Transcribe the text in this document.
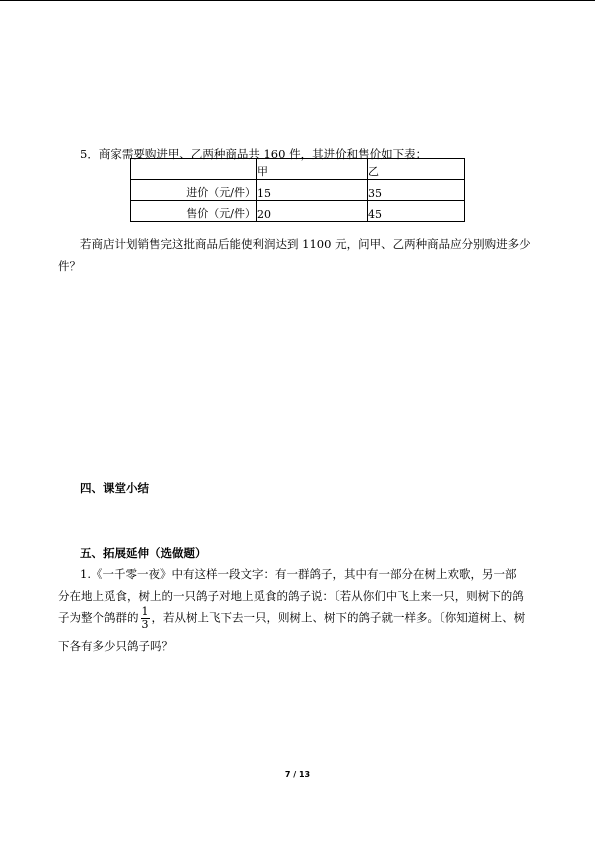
5．商家需要购进甲、乙两种商品共 160 件，其进价和售价如下表：
	甲	乙
进价（元/件）	15	35
售价（元/件）	20	45
若商店计划销售完这批商品后能使利润达到 1100 元，问甲、乙两种商品应分别购进多少
件？
四、课堂小结
五、拓展延伸（选做题）
1.《一千零一夜》中有这样一段文字：有一群鸽子，其中有一部分在树上欢歌，另一部
分在地上觅食，树上的一只鸽子对地上觅食的鸽子说：〔若从你们中飞上来一只，则树下的鸽
子为整个鸽群的 $\frac{1}{3}$ ，若从树上飞下去一只，则树上、树下的鸽子就一样多。〔你知道树上、树
下各有多少只鸽子吗？
7 / 13
